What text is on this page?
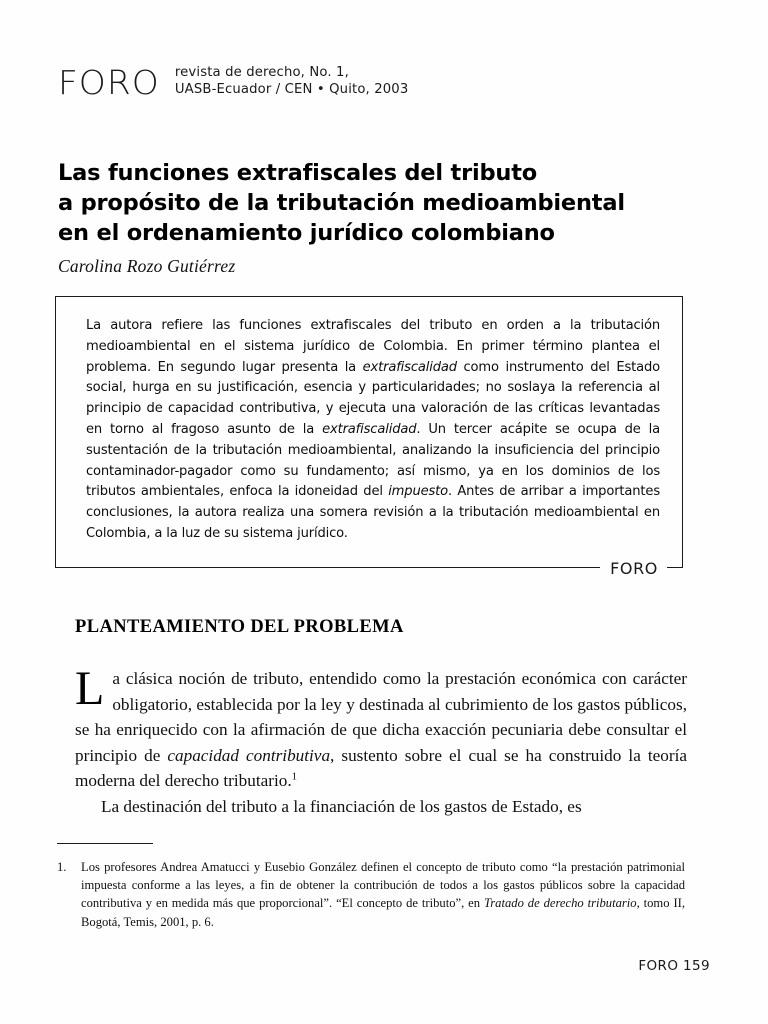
FORO revista de derecho, No. 1,
UASB-Ecuador / CEN • Quito, 2003
Las funciones extrafiscales del tributo
a propósito de la tributación medioambiental
en el ordenamiento jurídico colombiano
Carolina Rozo Gutiérrez
La autora refiere las funciones extrafiscales del tributo en orden a la tributación medioambiental en el sistema jurídico de Colombia. En primer término plantea el problema. En segundo lugar presenta la extrafiscalidad como instrumento del Estado social, hurga en su justificación, esencia y particularidades; no soslaya la referencia al principio de capacidad contributiva, y ejecuta una valoración de las críticas levantadas en torno al fragoso asunto de la extrafiscalidad. Un tercer acápite se ocupa de la sustentación de la tributación medioambiental, analizando la insuficiencia del principio contaminador-pagador como su fundamento; así mismo, ya en los dominios de los tributos ambientales, enfoca la idoneidad del impuesto. Antes de arribar a importantes conclusiones, la autora realiza una somera revisión a la tributación medioambiental en Colombia, a la luz de su sistema jurídico.
FORO
PLANTEAMIENTO DEL PROBLEMA

La clásica noción de tributo, entendido como la prestación económica con carácter obligatorio, establecida por la ley y destinada al cubrimiento de los gastos públicos, se ha enriquecido con la afirmación de que dicha exacción pecuniaria debe consultar el principio de capacidad contributiva, sustento sobre el cual se ha construido la teoría moderna del derecho tributario.$^1$

La destinación del tributo a la financiación de los gastos de Estado, es

1.	Los profesores Andrea Amatucci y Eusebio González definen el concepto de tributo como “la prestación patrimonial impuesta conforme a las leyes, a fin de obtener la contribución de todos a los gastos públicos sobre la capacidad contributiva y en medida más que proporcional”. “El concepto de tributo”, en Tratado de derecho tributario, tomo II, Bogotá, Temis, 2001, p. 6.
FORO 159
